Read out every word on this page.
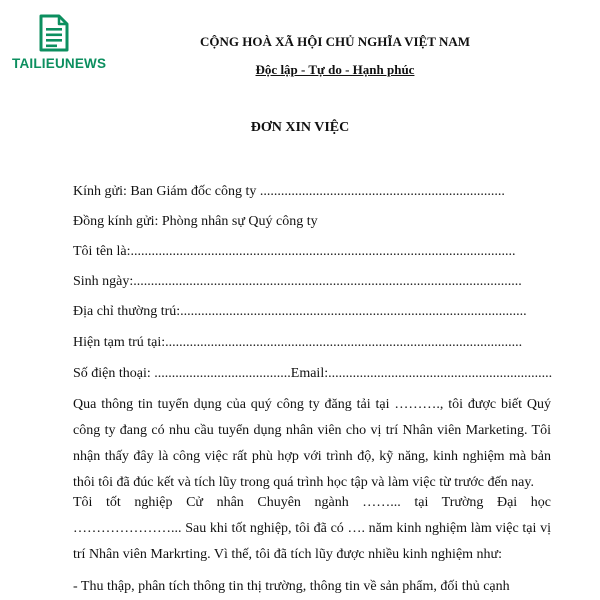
TAILIEUNEWS
CỘNG HOÀ XÃ HỘI CHỦ NGHĨA VIỆT NAM
Độc lập - Tự do - Hạnh phúc
ĐƠN XIN VIỆC
Kính gửi: Ban Giám đốc công ty ......................................................................
Đồng kính gửi: Phòng nhân sự Quý công ty
Tôi tên là:..............................................................................................................
Sinh ngày:...............................................................................................................
Địa chỉ thường trú:...................................................................................................
Hiện tạm trú tại:......................................................................................................
Số điện thoại: .......................................Email:................................................................
Qua thông tin tuyển dụng của quý công ty đăng tải tại ………., tôi được biết Quý công ty đang có nhu cầu tuyển dụng nhân viên cho vị trí Nhân viên Marketing. Tôi nhận thấy đây là công việc rất phù hợp với trình độ, kỹ năng, kinh nghiệm mà bản thôi tôi đã đúc kết và tích lũy trong quá trình học tập và làm việc từ trước đến nay.
Tôi tốt nghiệp Cử nhân Chuyên ngành ……... tại Trường Đại học …………………... Sau khi tốt nghiệp, tôi đã có …. năm kinh nghiệm làm việc tại vị trí Nhân viên Markrting. Vì thế, tôi đã tích lũy được nhiều kinh nghiệm như:
- Thu thập, phân tích thông tin thị trường, thông tin về sản phẩm, đối thủ cạnh
